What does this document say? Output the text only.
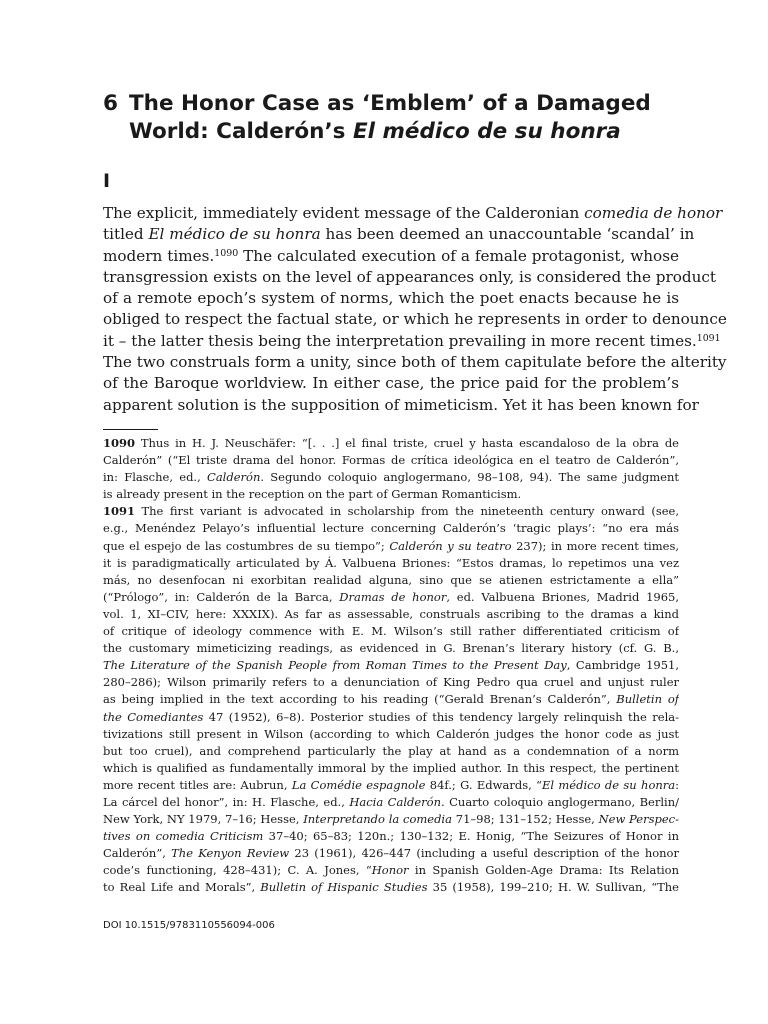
6 The Honor Case as ‘Emblem’ of a Damaged
World: Calderón’s El médico de su honra
I

The explicit, immediately evident message of the Calderonian comedia de honor
titled El médico de su honra has been deemed an unaccountable ‘scandal’ in
modern times.$^{1090}$ The calculated execution of a female protagonist, whose
transgression exists on the level of appearances only, is considered the product
of a remote epoch’s system of norms, which the poet enacts because he is
obliged to respect the factual state, or which he represents in order to denounce
it – the latter thesis being the interpretation prevailing in more recent times.$^{1091}$
The two construals form a unity, since both of them capitulate before the alterity
of the Baroque worldview. In either case, the price paid for the problem’s
apparent solution is the supposition of mimeticism. Yet it has been known for

1090 Thus in H. J. Neuschäfer: “[. . .] el final triste, cruel y hasta escandaloso de la obra de
Calderón” (“El triste drama del honor. Formas de crítica ideológica en el teatro de Calderón”,
in: Flasche, ed., Calderón. Segundo coloquio anglogermano, 98–108, 94). The same judgment
is already present in the reception on the part of German Romanticism.
1091 The first variant is advocated in scholarship from the nineteenth century onward (see,
e.g., Menéndez Pelayo’s influential lecture concerning Calderón’s ‘tragic plays’: “no era más
que el espejo de las costumbres de su tiempo”; Calderón y su teatro 237); in more recent times,
it is paradigmatically articulated by Á. Valbuena Briones: “Estos dramas, lo repetimos una vez
más, no desenfocan ni exorbitan realidad alguna, sino que se atienen estrictamente a ella”
(“Prólogo”, in: Calderón de la Barca, Dramas de honor, ed. Valbuena Briones, Madrid 1965,
vol. 1, XI–CIV, here: XXXIX). As far as assessable, construals ascribing to the dramas a kind
of critique of ideology commence with E. M. Wilson’s still rather differentiated criticism of
the customary mimeticizing readings, as evidenced in G. Brenan’s literary history (cf. G. B.,
The Literature of the Spanish People from Roman Times to the Present Day, Cambridge 1951,
280–286); Wilson primarily refers to a denunciation of King Pedro qua cruel and unjust ruler
as being implied in the text according to his reading (“Gerald Brenan’s Calderón”, Bulletin of
the Comediantes 47 (1952), 6–8). Posterior studies of this tendency largely relinquish the rela-
tivizations still present in Wilson (according to which Calderón judges the honor code as just
but too cruel), and comprehend particularly the play at hand as a condemnation of a norm
which is qualified as fundamentally immoral by the implied author. In this respect, the pertinent
more recent titles are: Aubrun, La Comédie espagnole 84f.; G. Edwards, “El médico de su honra:
La cárcel del honor”, in: H. Flasche, ed., Hacia Calderón. Cuarto coloquio anglogermano, Berlin/
New York, NY 1979, 7–16; Hesse, Interpretando la comedia 71–98; 131–152; Hesse, New Perspec-
tives on comedia Criticism 37–40; 65–83; 120n.; 130–132; E. Honig, “The Seizures of Honor in
Calderón”, The Kenyon Review 23 (1961), 426–447 (including a useful description of the honor
code’s functioning, 428–431); C. A. Jones, “Honor in Spanish Golden-Age Drama: Its Relation
to Real Life and Morals”, Bulletin of Hispanic Studies 35 (1958), 199–210; H. W. Sullivan, “The

DOI 10.1515/9783110556094-006
